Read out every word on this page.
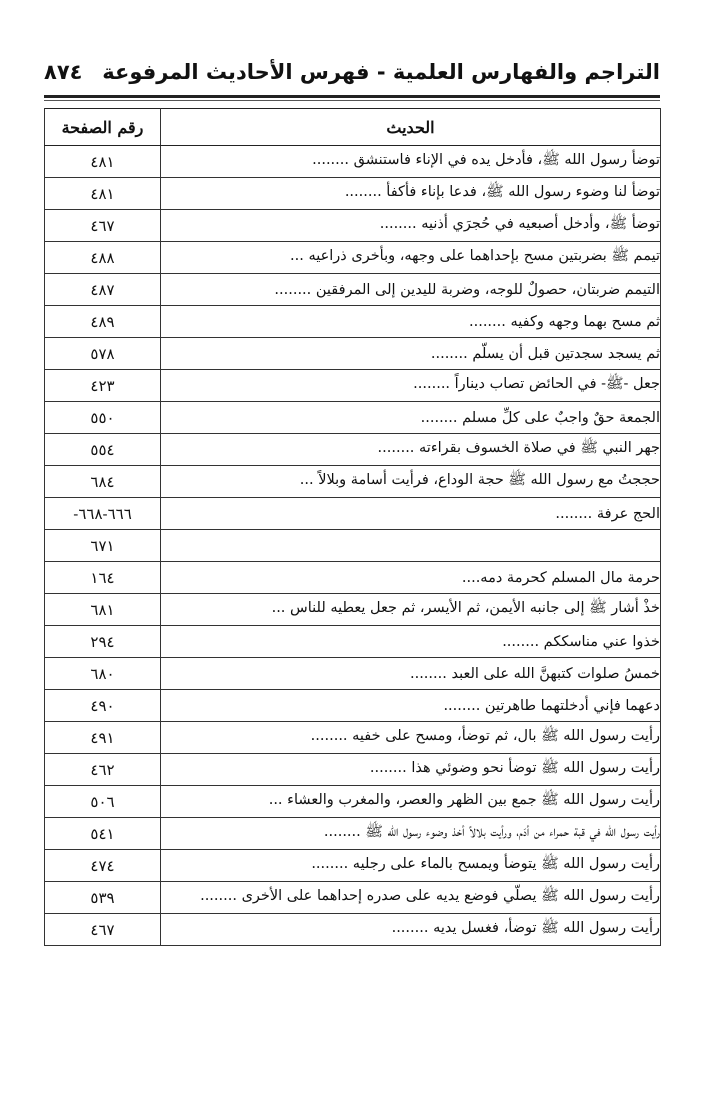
التراجم والفهارس العلمية - فهرس الأحاديث المرفوعة
٨٧٤
الحديث	رقم الصفحة
توضأ رسول الله ﷺ، فأدخل يده في الإناء فاستنشق ........	٤٨١
توضأ لنا وضوء رسول الله ﷺ، فدعا بإناء فأكفأ ........	٤٨١
توضأ ﷺ، وأدخل أصبعيه في حُجرَي أذنيه ........	٤٦٧
تيمم ﷺ بضربتين مسح بإحداهما على وجهه، وبأخرى ذراعيه ...	٤٨٨
التيمم ضربتان، حصولٌ للوجه، وضربة لليدين إلى المرفقين ........	٤٨٧
ثم مسح بهما وجهه وكفيه ........	٤٨٩
ثم يسجد سجدتين قبل أن يسلّم ........	٥٧٨
جعل -ﷺ- في الحائض تصاب ديناراً ........	٤٢٣
الجمعة حقٌ واجبٌ على كلِّ مسلم ........	٥٥٠
جهر النبي ﷺ في صلاة الخسوف بقراءته ........	٥٥٤
حججتُ مع رسول الله ﷺ حجة الوداع، فرأيت أسامة وبلالاً ...	٦٨٤
الحج عرفة ........	٦٦٦-٦٦٨-
	٦٧١
حرمة مال المسلم كحرمة دمه....	١٦٤
خذْ أشار ﷺ إلى جانبه الأيمن، ثم الأيسر، ثم جعل يعطيه للناس ...	٦٨١
خذوا عني مناسككم ........	٢٩٤
خمسُ صلوات كتبهنَّ الله على العبد ........	٦٨٠
دعهما فإني أدخلتهما طاهرتين ........	٤٩٠
رأيت رسول الله ﷺ بال، ثم توضأ، ومسح على خفيه ........	٤٩١
رأيت رسول الله ﷺ توضأ نحو وضوئي هذا ........	٤٦٢
رأيت رسول الله ﷺ جمع بين الظهر والعصر، والمغرب والعشاء ...	٥٠٦
رأيت رسول الله في قبة حمراء من أدَم، ورأيت بلالاً أخذ وضوء رسول الله ﷺ ........	٥٤١
رأيت رسول الله ﷺ يتوضأ ويمسح بالماء على رجليه ........	٤٧٤
رأيت رسول الله ﷺ يصلّي فوضع يديه على صدره إحداهما على الأخرى ........	٥٣٩
رأيت رسول الله ﷺ توضأ، فغسل يديه ........	٤٦٧
